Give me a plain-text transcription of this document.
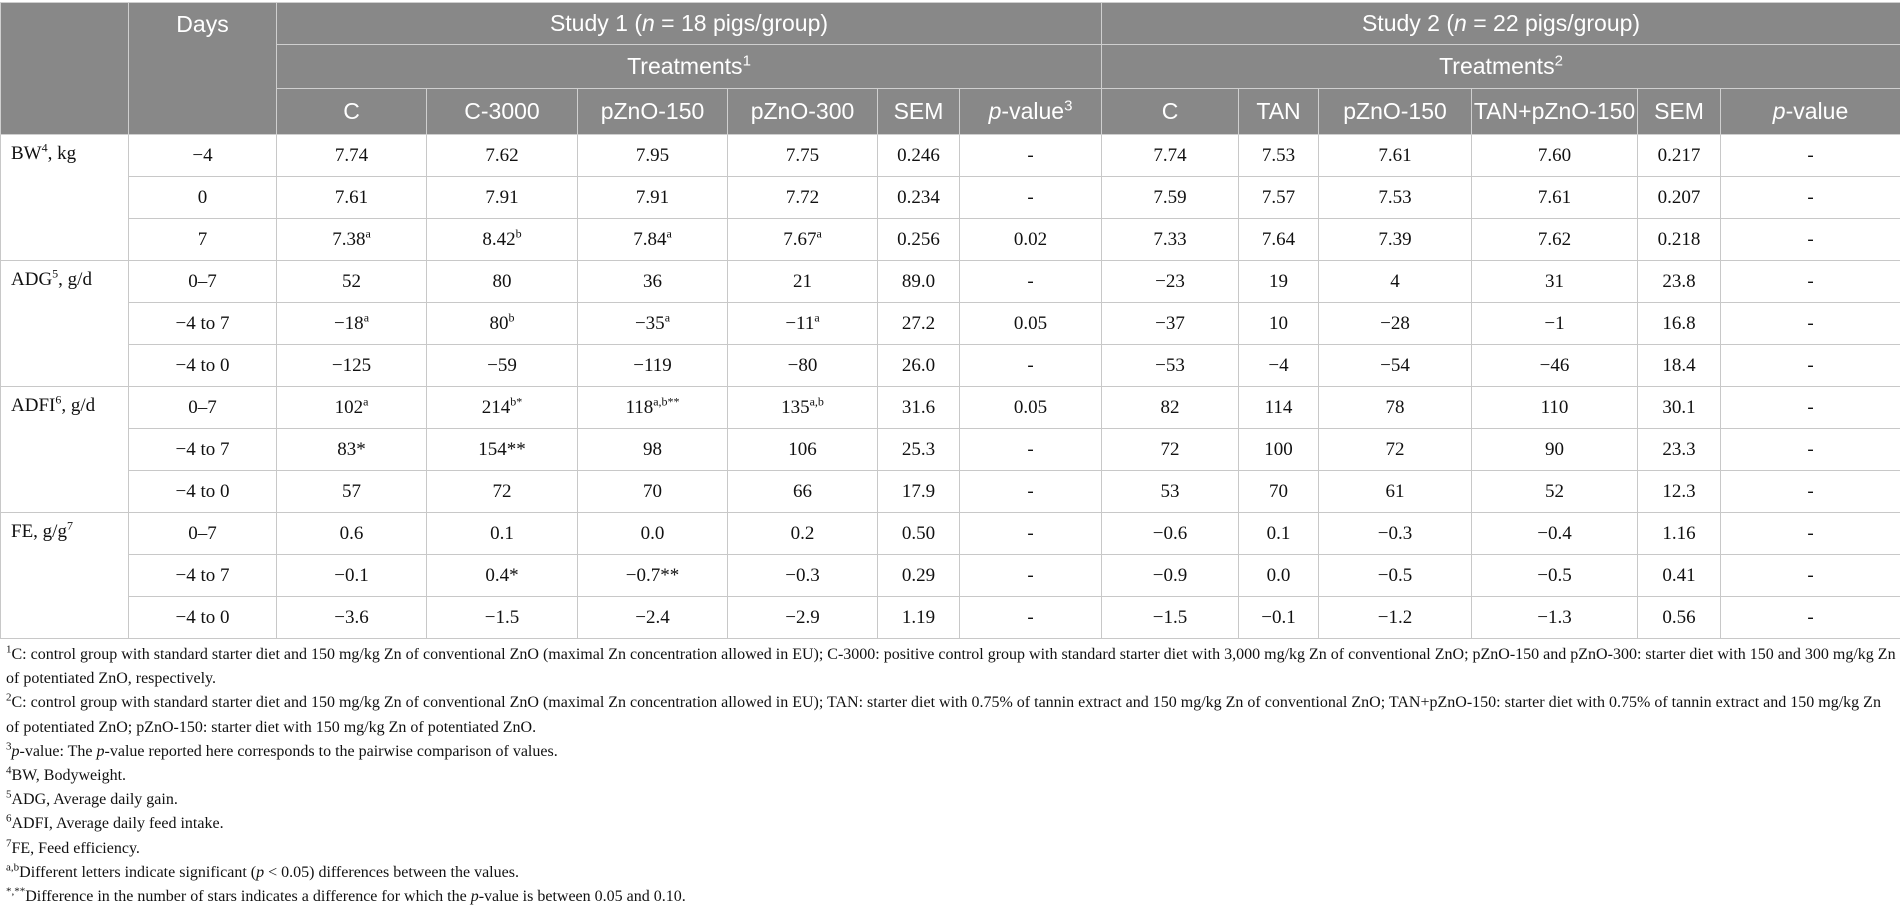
	Days	Study 1 (n = 18 pigs/group)						Study 2 (n = 22 pigs/group)					
		Treatments$^1$						Treatments$^2$
		C	C-3000	pZnO-150	pZnO-300	SEM	p-value$^3$	C	TAN	pZnO-150	TAN+pZnO-150	SEM	p-value
$BW^4$, kg	−4	7.74	7.62	7.95	7.75	0.246	-	7.74	7.53	7.61	7.60	0.217	-
	0	7.61	7.91	7.91	7.72	0.234	-	7.59	7.57	7.53	7.61	0.207	-
	7	7.38$^a$	8.42$^b$	7.84$^a$	7.67$^a$	0.256	0.02	7.33	7.64	7.39	7.62	0.218	-
ADG$^5$, g/d	0–7	52	80	36	21	89.0	-	−23	19	4	31	23.8	-
	−4 to 7	$-18^a$	$80^b$	$-35^a$	$-11^a$	27.2	0.05	−37	10	−28	−1	16.8	-
	−4 to 0	−125	−59	−119	−80	26.0	-	−53	−4	−54	−46	18.4	-
ADFI$^6$, g/d	0–7	102$^a$	$214^{b*}$	$118^{a,b**}$	135$^{a,b}$	31.6	0.05	82	114	78	110	30.1	-
	−4 to 7	83*	154**	98	106	25.3	-	72	100	72	90	23.3	-
	−4 to 0	57	72	70	66	17.9	-	53	70	61	52	12.3	-
FE, $g/g^7$	0–7	0.6	0.1	0.0	0.2	0.50	-	−0.6	0.1	−0.3	−0.4	1.16	-
	−4 to 7	−0.1	0.4*	−0.7**	−0.3	0.29	-	−0.9	0.0	−0.5	−0.5	0.41	-
	−4 to 0	−3.6	−1.5	−2.4	−2.9	1.19	-	−1.5	−0.1	−1.2	−1.3	0.56	-

$^1$C: control group with standard starter diet and 150 mg/kg Zn of conventional ZnO (maximal Zn concentration allowed in EU); C-3000: positive control group with standard starter diet with 3,000 mg/kg Zn of conventional ZnO; pZnO-150 and pZnO-300: starter diet with 150 and 300 mg/kg Zn of potentiated ZnO, respectively.

$^2$C: control group with standard starter diet and 150 mg/kg Zn of conventional ZnO (maximal Zn concentration allowed in EU); TAN: starter diet with 0.75% of tannin extract and 150 mg/kg Zn of conventional ZnO; TAN+pZnO-150: starter diet with 0.75% of tannin extract and 150 mg/kg Zn of potentiated ZnO; pZnO-150: starter diet with 150 mg/kg Zn of potentiated ZnO.

$^3$p-value: The p-value reported here corresponds to the pairwise comparison of values.

$^4$BW, Bodyweight.

$^5$ADG, Average daily gain.

$^6$ADFI, Average daily feed intake.

$^7$FE, Feed efficiency.

$^{a,b}$Different letters indicate significant (p < 0.05) differences between the values.

*,**Difference in the number of stars indicates a difference for which the p-value is between 0.05 and 0.10.
